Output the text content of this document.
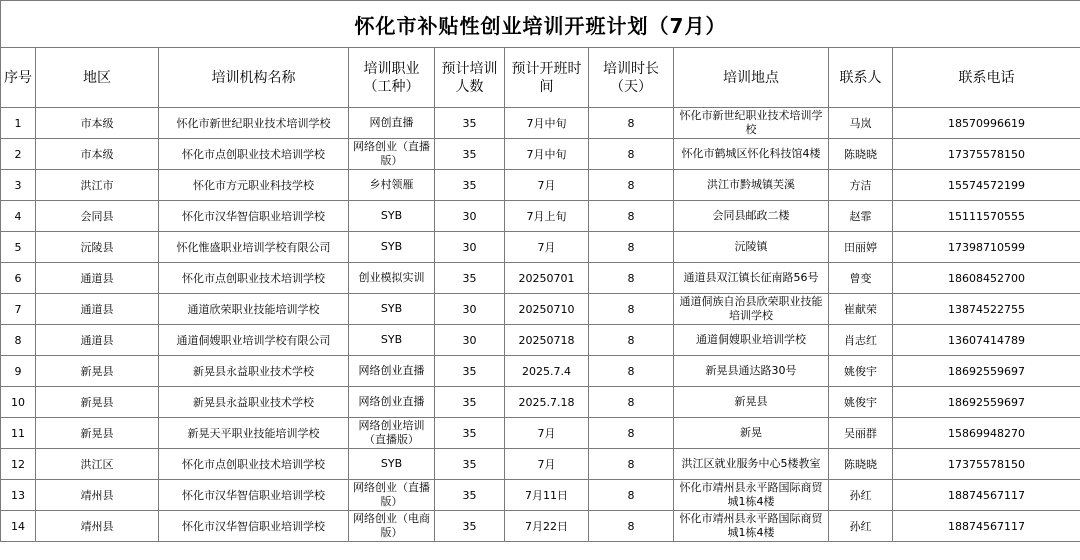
怀化市补贴性创业培训开班计划（7月）									
序号	地区	培训机构名称	培训职业（工种）	预计培训人数	预计开班时间	培训时长（天）	培训地点	联系人	联系电话
1	市本级	怀化市新世纪职业技术培训学校	网创直播	35	7月中旬	8	怀化市新世纪职业技术培训学校	马岚	18570996619
2	市本级	怀化市点创职业技术培训学校	网络创业（直播版）	35	7月中旬	8	怀化市鹤城区怀化科技馆4楼	陈晓晓	17375578150
3	洪江市	怀化市方元职业科技学校	乡村领雁	35	7月	8	洪江市黔城镇芙溪	方洁	15574572199
4	会同县	怀化市汉华智信职业培训学校	SYB	30	7月上旬	8	会同县邮政二楼	赵霏	15111570555
5	沅陵县	怀化惟盛职业培训学校有限公司	SYB	30	7月	8	沅陵镇	田丽婷	17398710599
6	通道县	怀化市点创职业技术培训学校	创业模拟实训	35	20250701	8	通道县双江镇长征南路56号	曾变	18608452700
7	通道县	通道欣荣职业技能培训学校	SYB	30	20250710	8	通道侗族自治县欣荣职业技能培训学校	崔献荣	13874522755
8	通道县	通道侗嫂职业培训学校有限公司	SYB	30	20250718	8	通道侗嫂职业培训学校	肖志红	13607414789
9	新晃县	新晃县永益职业技术学校	网络创业直播	35	2025.7.4	8	新晃县通达路30号	姚俊宇	18692559697
10	新晃县	新晃县永益职业技术学校	网络创业直播	35	2025.7.18	8	新晃县	姚俊宇	18692559697
11	新晃县	新晃天平职业技能培训学校	网络创业培训（直播版）	35	7月	8	新晃	吴丽群	15869948270
12	洪江区	怀化市点创职业技术培训学校	SYB	35	7月	8	洪江区就业服务中心5楼教室	陈晓晓	17375578150
13	靖州县	怀化市汉华智信职业培训学校	网络创业（直播版）	35	7月11日	8	怀化市靖州县永平路国际商贸城1栋4楼	孙红	18874567117
14	靖州县	怀化市汉华智信职业培训学校	网络创业（电商版）	35	7月22日	8	怀化市靖州县永平路国际商贸城1栋4楼	孙红	18874567117
